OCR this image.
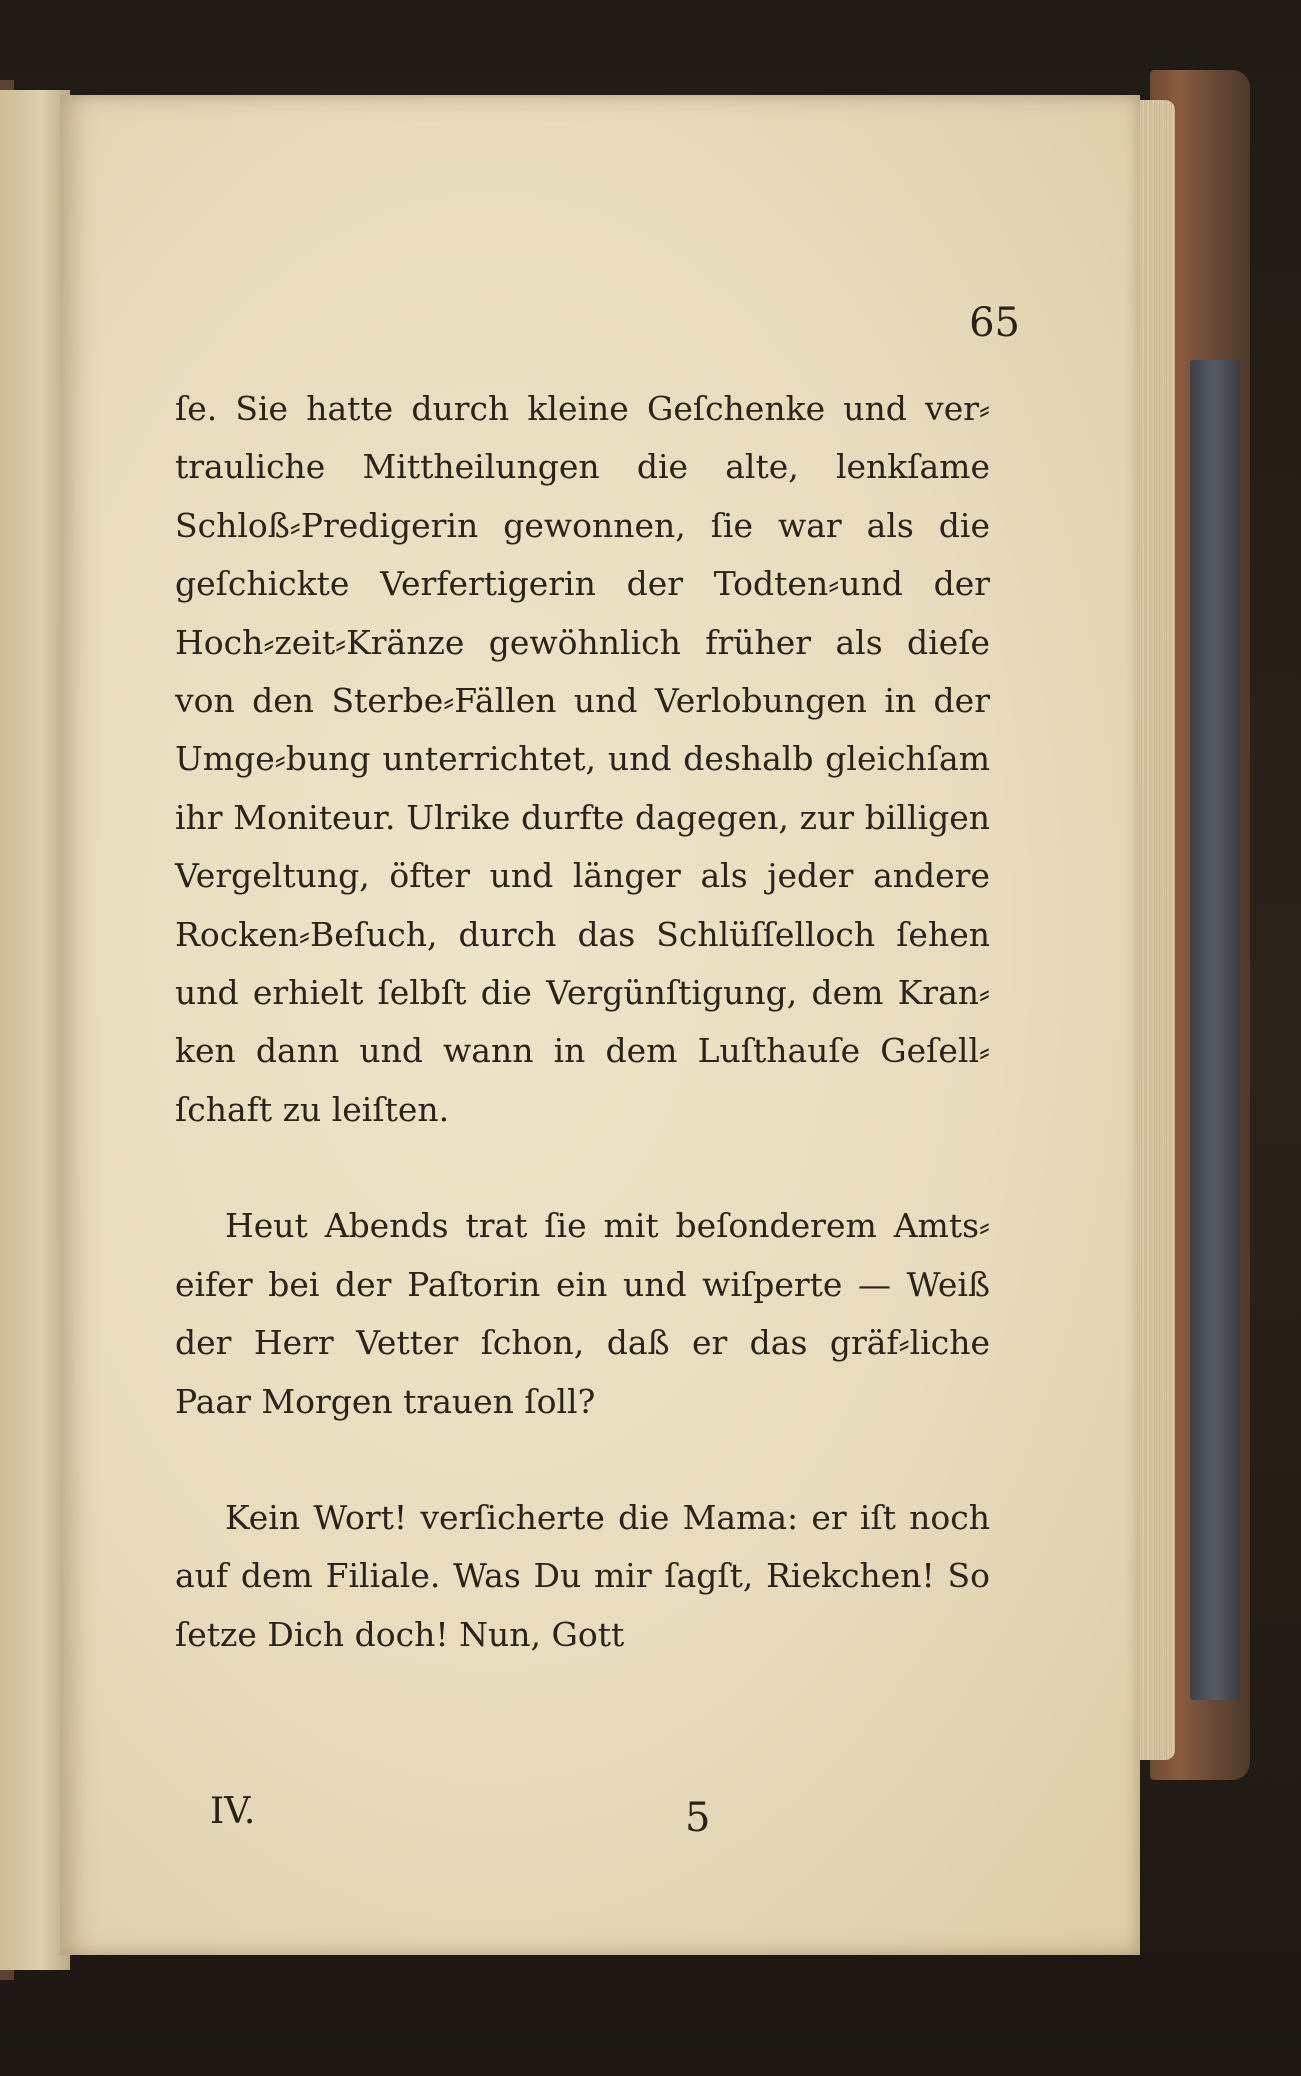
65

ſe. Sie hatte durch kleine Geſchenke und ver⸗trauliche Mittheilungen die alte, lenkſame Schloß⸗Predigerin gewonnen, ſie war als die geſchickte Verfertigerin der Todten⸗und der Hoch⸗zeit⸗Kränze gewöhnlich früher als dieſe von den Sterbe⸗Fällen und Verlobungen in der Umge⸗bung unterrichtet, und deshalb gleichſam ihr Moniteur. Ulrike durfte dagegen, zur billigen Vergeltung, öfter und länger als jeder andere Rocken⸗Beſuch, durch das Schlüſſelloch ſehen und erhielt ſelbſt die Vergünſtigung, dem Kran⸗ken dann und wann in dem Luſthauſe Geſell⸗ſchaft zu leiſten.

Heut Abends trat ſie mit beſonderem Amts⸗eifer bei der Paſtorin ein und wiſperte — Weiß der Herr Vetter ſchon, daß er das gräf⸗liche Paar Morgen trauen ſoll?

Kein Wort! verſicherte die Mama: er iſt noch auf dem Filiale. Was Du mir ſagſt, Riekchen! So ſetze Dich doch! Nun, Gott

IV.	5
